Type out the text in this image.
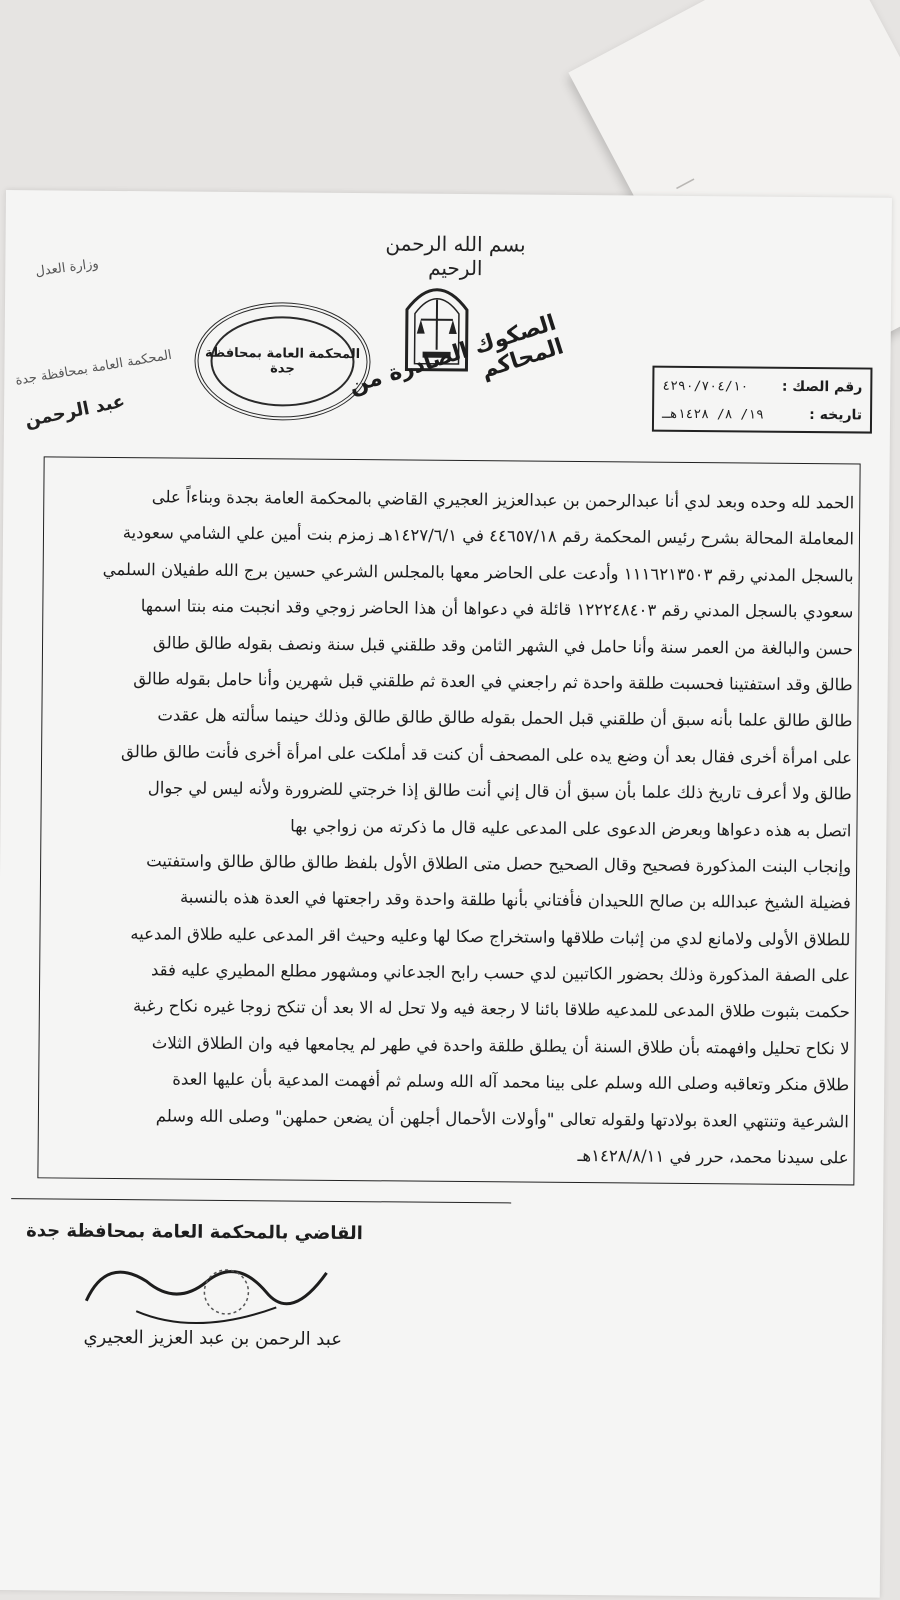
—
بسم الله الرحمن الرحيم
المحكمة العامة بمحافظة جدة
وزارة العدل
المحكمة العامة بمحافظة جدة
عبد الرحمن
الصكوك الصادرة من المحاكم
رقم الصك :
٤٢٩٠/٧٠٤/١٠
تاريخه :
١٩/ ٨/ ١٤٢٨هـ
الحمد لله وحده وبعد لدي أنا عبدالرحمن بن عبدالعزيز العجيري القاضي بالمحكمة العامة بجدة وبناءاً على
المعاملة المحالة بشرح رئيس المحكمة رقم ٤٤٦٥٧/١٨ في ١٤٢٧/٦/١هـ زمزم بنت أمين علي الشامي سعودية
بالسجل المدني رقم ١١١٦٢١٣٥٠٣ وأدعت على الحاضر معها بالمجلس الشرعي حسين برج الله طفيلان السلمي
سعودي بالسجل المدني رقم ١٢٢٢٤٨٤٠٣ قائلة في دعواها أن هذا الحاضر زوجي وقد انجبت منه بنتا اسمها
حسن والبالغة من العمر سنة وأنا حامل في الشهر الثامن وقد طلقني قبل سنة ونصف بقوله طالق طالق
طالق وقد استفتينا فحسبت طلقة واحدة ثم راجعني في العدة ثم طلقني قبل شهرين وأنا حامل بقوله طالق
طالق طالق علما بأنه سبق أن طلقني قبل الحمل بقوله طالق طالق طالق وذلك حينما سألته هل عقدت
على امرأة أخرى فقال بعد أن وضع يده على المصحف أن كنت قد أملكت على امرأة أخرى فأنت طالق طالق
طالق ولا أعرف تاريخ ذلك علما بأن سبق أن قال إني أنت طالق إذا خرجتي للضرورة ولأنه ليس لي جوال
اتصل به هذه دعواها وبعرض الدعوى على المدعى عليه قال ما ذكرته من زواجي بها
وإنجاب البنت المذكورة فصحيح وقال الصحيح حصل متى الطلاق الأول بلفظ طالق طالق طالق واستفتيت
فضيلة الشيخ عبدالله بن صالح اللحيدان فأفتاني بأنها طلقة واحدة وقد راجعتها في العدة هذه بالنسبة
للطلاق الأولى ولامانع لدي من إثبات طلاقها واستخراج صكا لها وعليه وحيث اقر المدعى عليه طلاق المدعيه
على الصفة المذكورة وذلك بحضور الكاتبين لدي حسب رابح الجدعاني ومشهور مطلع المطيري عليه فقد
حكمت بثبوت طلاق المدعى للمدعيه طلاقا بائنا لا رجعة فيه ولا تحل له الا بعد أن تنكح زوجا غيره نكاح رغبة
لا نكاح تحليل وافهمته بأن طلاق السنة أن يطلق طلقة واحدة في طهر لم يجامعها فيه وان الطلاق الثلاث
طلاق منكر وتعاقبه وصلى الله وسلم على بينا محمد آله الله وسلم ثم أفهمت المدعية بأن عليها العدة
الشرعية وتنتهي العدة بولادتها ولقوله تعالى "وأولات الأحمال أجلهن أن يضعن حملهن" وصلى الله وسلم
على سيدنا محمد، حرر في ١٤٢٨/٨/١١هـ
القاضي بالمحكمة العامة بمحافظة جدة
عبد الرحمن بن عبد العزيز العجيري
